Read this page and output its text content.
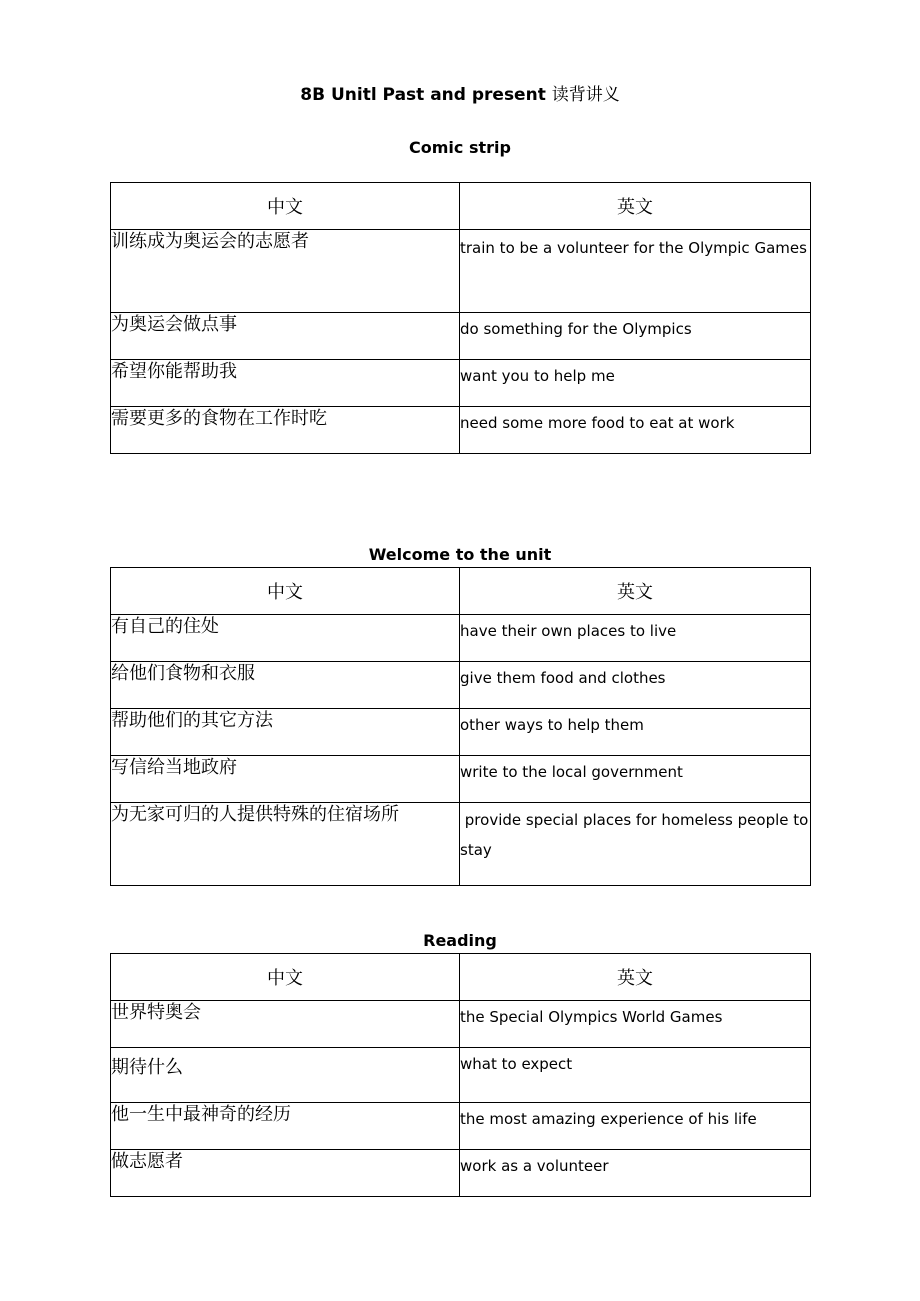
8B Unitl Past and present 读背讲义
Comic strip
中文	英文
训练成为奥运会的志愿者	train to be a volunteer for the Olympic Games
为奥运会做点事	do something for the Olympics
希望你能帮助我	want you to help me
需要更多的食物在工作时吃	need some more food to eat at work
Welcome to the unit
中文	英文
有自己的住处	have their own places to live
给他们食物和衣服	give them food and clothes
帮助他们的其它方法	other ways to help them
写信给当地政府	write to the local government
为无家可归的人提供特殊的住宿场所	provide special places for homeless people to stay
Reading
中文	英文
世界特奥会	the Special Olympics World Games
期待什么	what to expect
他一生中最神奇的经历	the most amazing experience of his life
做志愿者	work as a volunteer
